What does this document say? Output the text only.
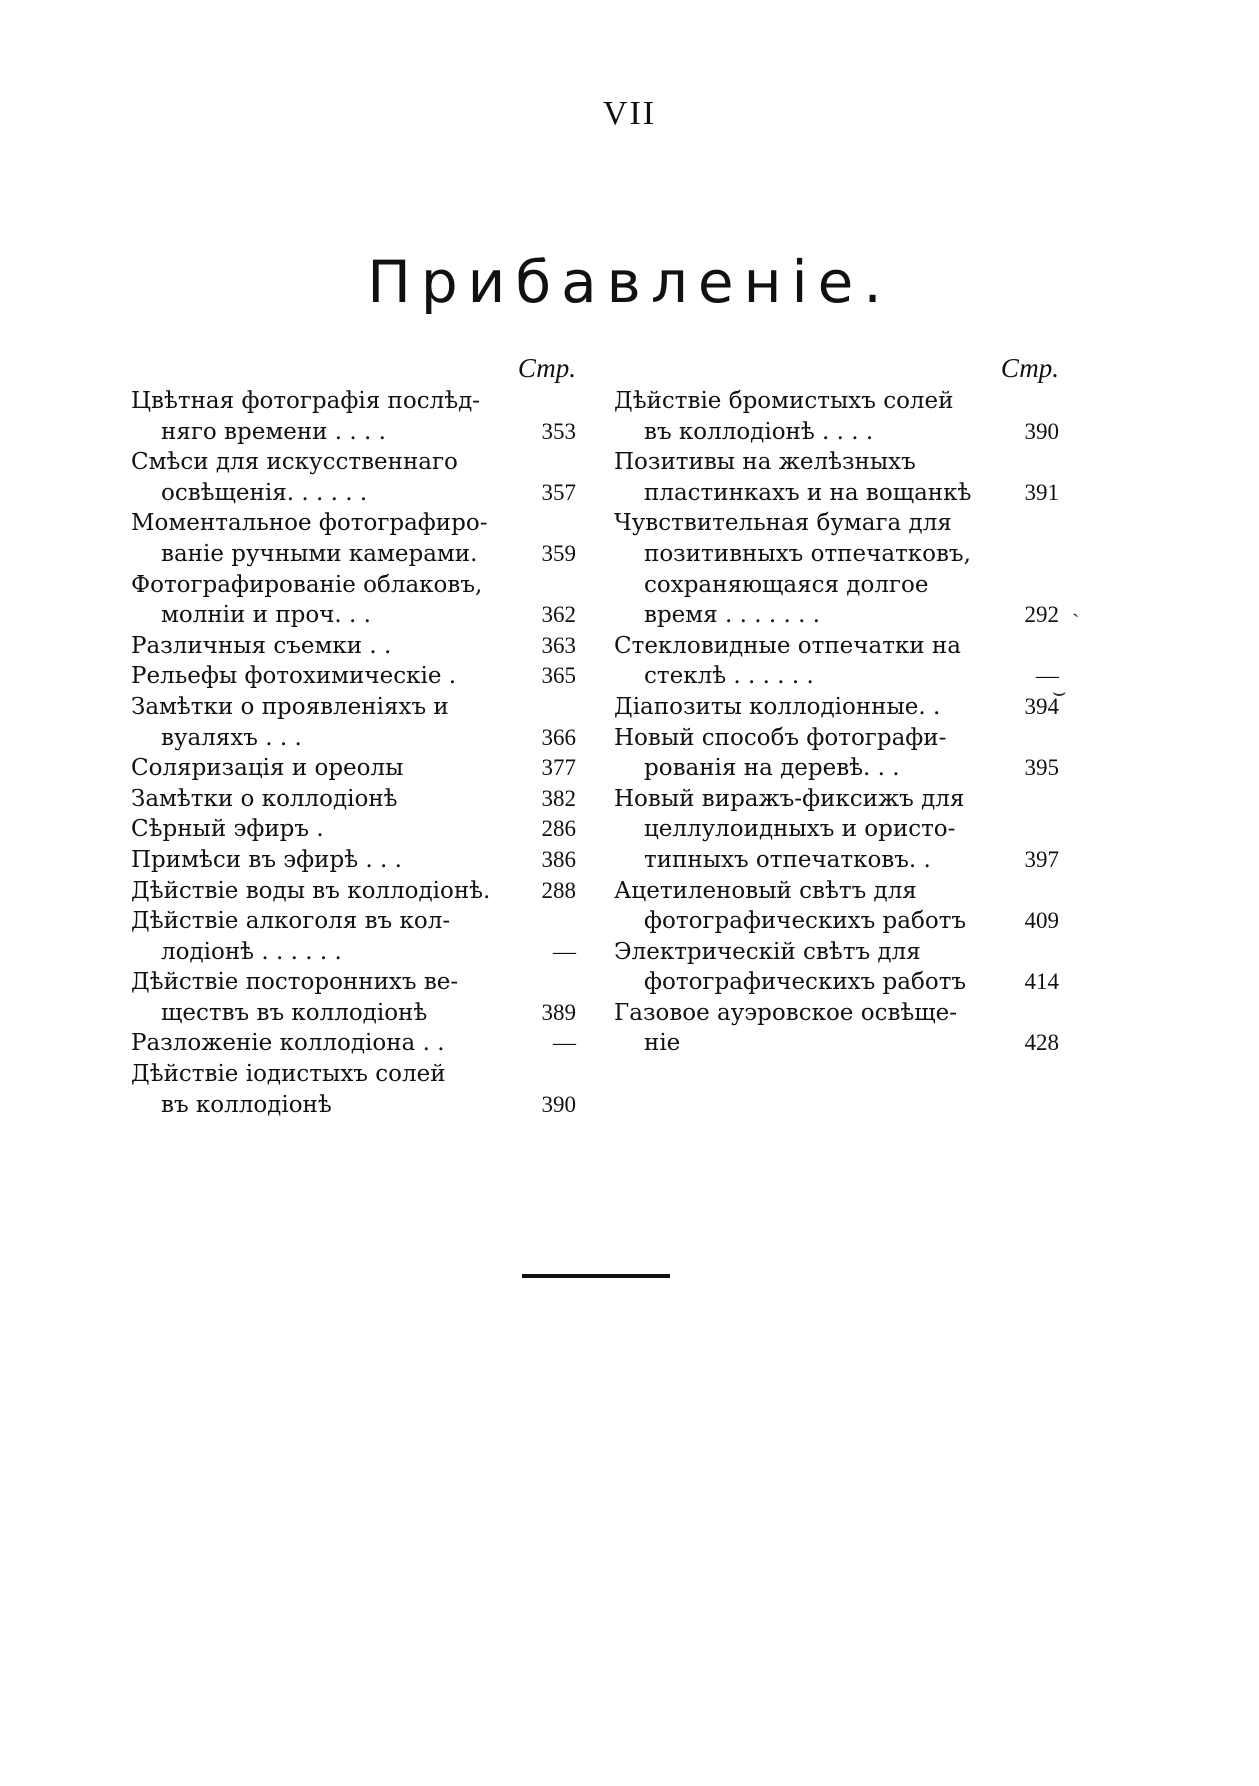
VII
Прибавленіе.
Стр.
Цвѣтная фотографія послѣд-
няго времени . . . .	353
Смѣси для искусственнаго
освѣщенія. . . . . .	357
Моментальное фотографиро-
ваніе ручными камерами.	359
Фотографированіе облаковъ,
молніи и проч. . .	362
Различныя съемки . .	363
Рельефы фотохимическіе .	365
Замѣтки о проявленіяхъ и
вуаляхъ . . .	366
Соляризація и ореолы	377
Замѣтки о коллодіонѣ	382
Сѣрный эфиръ .	286
Примѣси въ эфирѣ . . .	386
Дѣйствіе воды въ коллодіонѣ.	288
Дѣйствіе алкоголя въ кол-
лодіонѣ . . . . . .	—
Дѣйствіе постороннихъ ве-
ществъ въ коллодіонѣ	389
Разложеніе коллодіона . .	—
Дѣйствіе іодистыхъ солей
въ коллодіонѣ	390
Стр.
Дѣйствіе бромистыхъ солей
въ коллодіонѣ . . . .	390
Позитивы на желѣзныхъ
пластинкахъ и на вощанкѣ	391
Чувствительная бумага для
позитивныхъ отпечатковъ,
сохраняющаяся долгое
время . . . . . . .	292
Стекловидные отпечатки на
стеклѣ . . . . . .	—
Діапозиты коллодіонные. .	394
Новый способъ фотографи-
рованія на деревѣ. . .	395
Новый виражъ-фиксижъ для
целлулоидныхъ и ористо-
типныхъ отпечатковъ. .	397
Ацетиленовый свѣтъ для
фотографическихъ работъ	409
Электрическій свѣтъ для
фотографическихъ работъ	414
Газовое ауэровское освѣще-
ніе	428
ˎ
⌣
